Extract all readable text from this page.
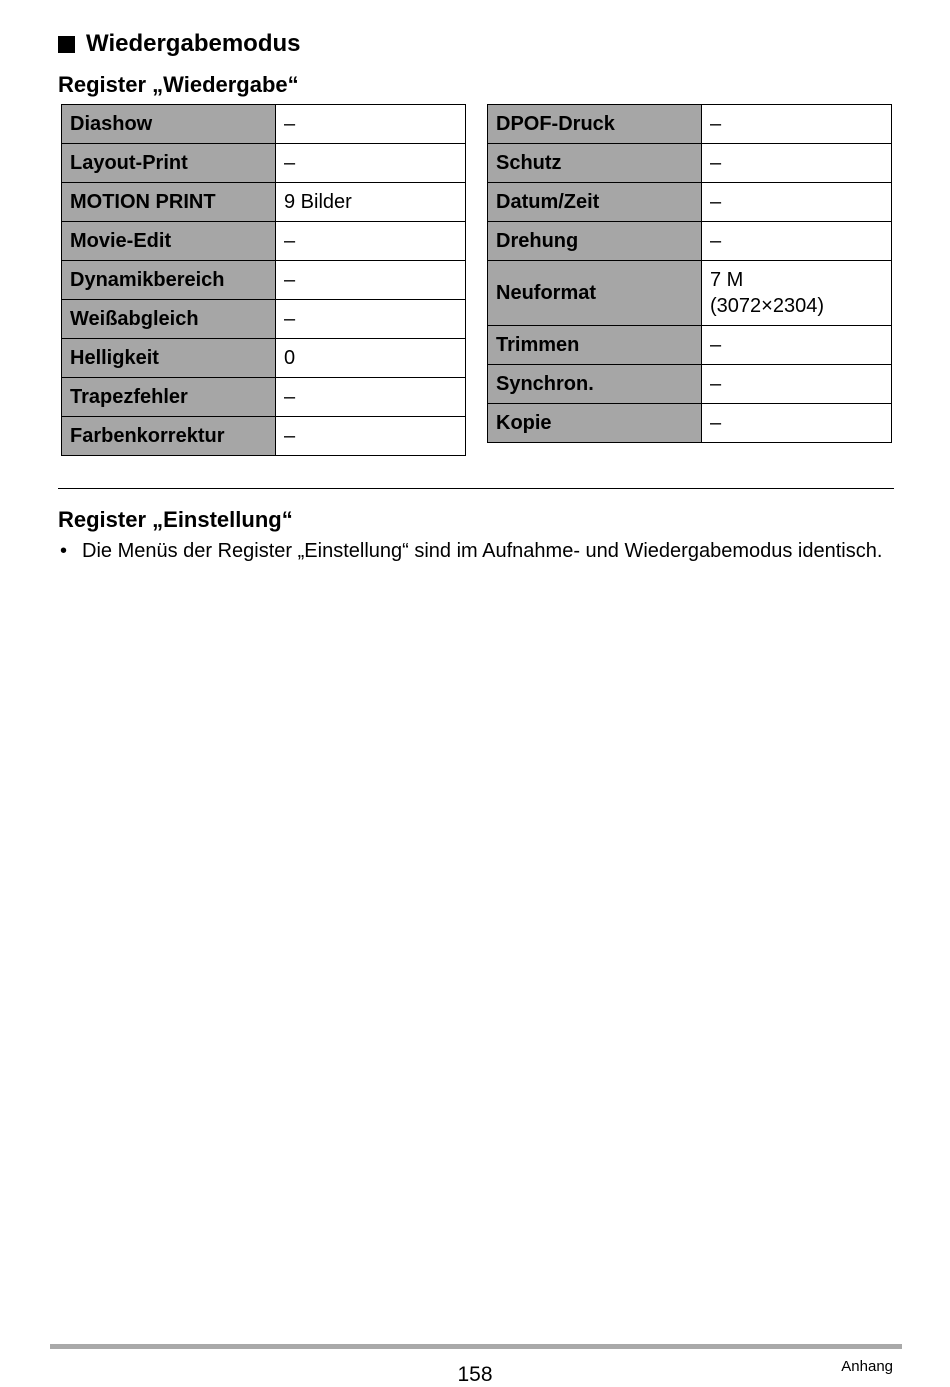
Wiedergabemodus
Register „Wiedergabe“
Diashow	–
Layout-Print	–
MOTION PRINT	9 Bilder
Movie-Edit	–
Dynamikbereich	–
Weißabgleich	–
Helligkeit	0
Trapezfehler	–
Farbenkorrektur	–
DPOF-Druck	–
Schutz	–
Datum/Zeit	–
Drehung	–
Neuformat	7 M
(3072×2304)

Trimmen	–
Synchron.	–
Kopie	–
Register „Einstellung“
• Die Menüs der Register „Einstellung“ sind im Aufnahme- und Wiedergabemodus identisch.
158	Anhang
